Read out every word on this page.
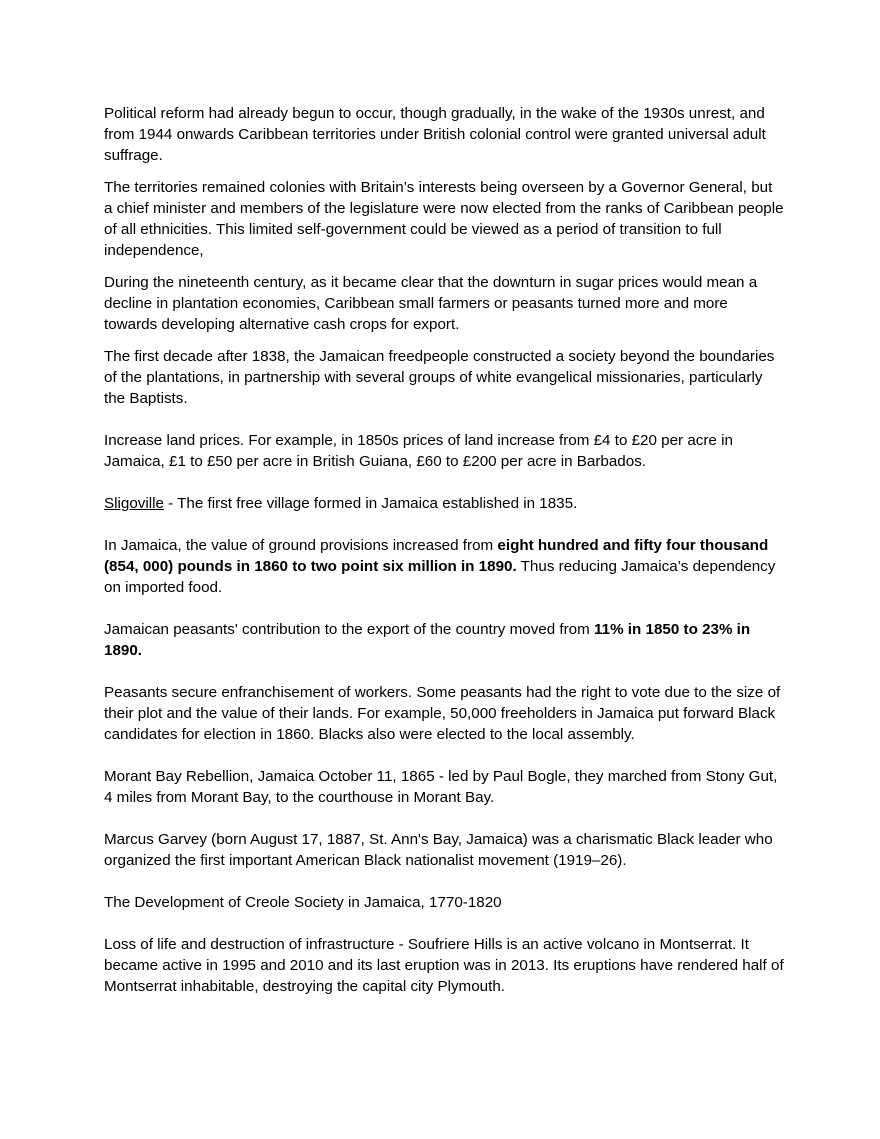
Political reform had already begun to occur, though gradually, in the wake of the 1930s unrest, and from 1944 onwards Caribbean territories under British colonial control were granted universal adult suffrage.

The territories remained colonies with Britain’s interests being overseen by a Governor General, but a chief minister and members of the legislature were now elected from the ranks of Caribbean people of all ethnicities. This limited self-government could be viewed as a period of transition to full independence,

During the nineteenth century, as it became clear that the downturn in sugar prices would mean a decline in plantation economies, Caribbean small farmers or peasants turned more and more towards developing alternative cash crops for export.

The first decade after 1838, the Jamaican freedpeople constructed a society beyond the boundaries of the plantations, in partnership with several groups of white evangelical missionaries, particularly the Baptists.

Increase land prices. For example, in 1850s prices of land increase from £4 to £20 per acre in Jamaica, £1 to £50 per acre in British Guiana, £60 to £200 per acre in Barbados.

Sligoville - The first free village formed in Jamaica established in 1835.

In Jamaica, the value of ground provisions increased from eight hundred and fifty four thousand (854, 000) pounds in 1860 to two point six million in 1890. Thus reducing Jamaica’s dependency on imported food.

Jamaican peasants' contribution to the export of the country moved from 11% in 1850 to 23% in 1890.

Peasants secure enfranchisement of workers. Some peasants had the right to vote due to the size of their plot and the value of their lands. For example, 50,000 freeholders in Jamaica put forward Black candidates for election in 1860. Blacks also were elected to the local assembly.

Morant Bay Rebellion, Jamaica October 11, 1865 - led by Paul Bogle, they marched from Stony Gut, 4 miles from Morant Bay, to the courthouse in Morant Bay.

Marcus Garvey (born August 17, 1887, St. Ann's Bay, Jamaica) was a charismatic Black leader who organized the first important American Black nationalist movement (1919–26).

The Development of Creole Society in Jamaica, 1770-1820

Loss of life and destruction of infrastructure - Soufriere Hills is an active volcano in Montserrat. It became active in 1995 and 2010 and its last eruption was in 2013. Its eruptions have rendered half of Montserrat inhabitable, destroying the capital city Plymouth.
